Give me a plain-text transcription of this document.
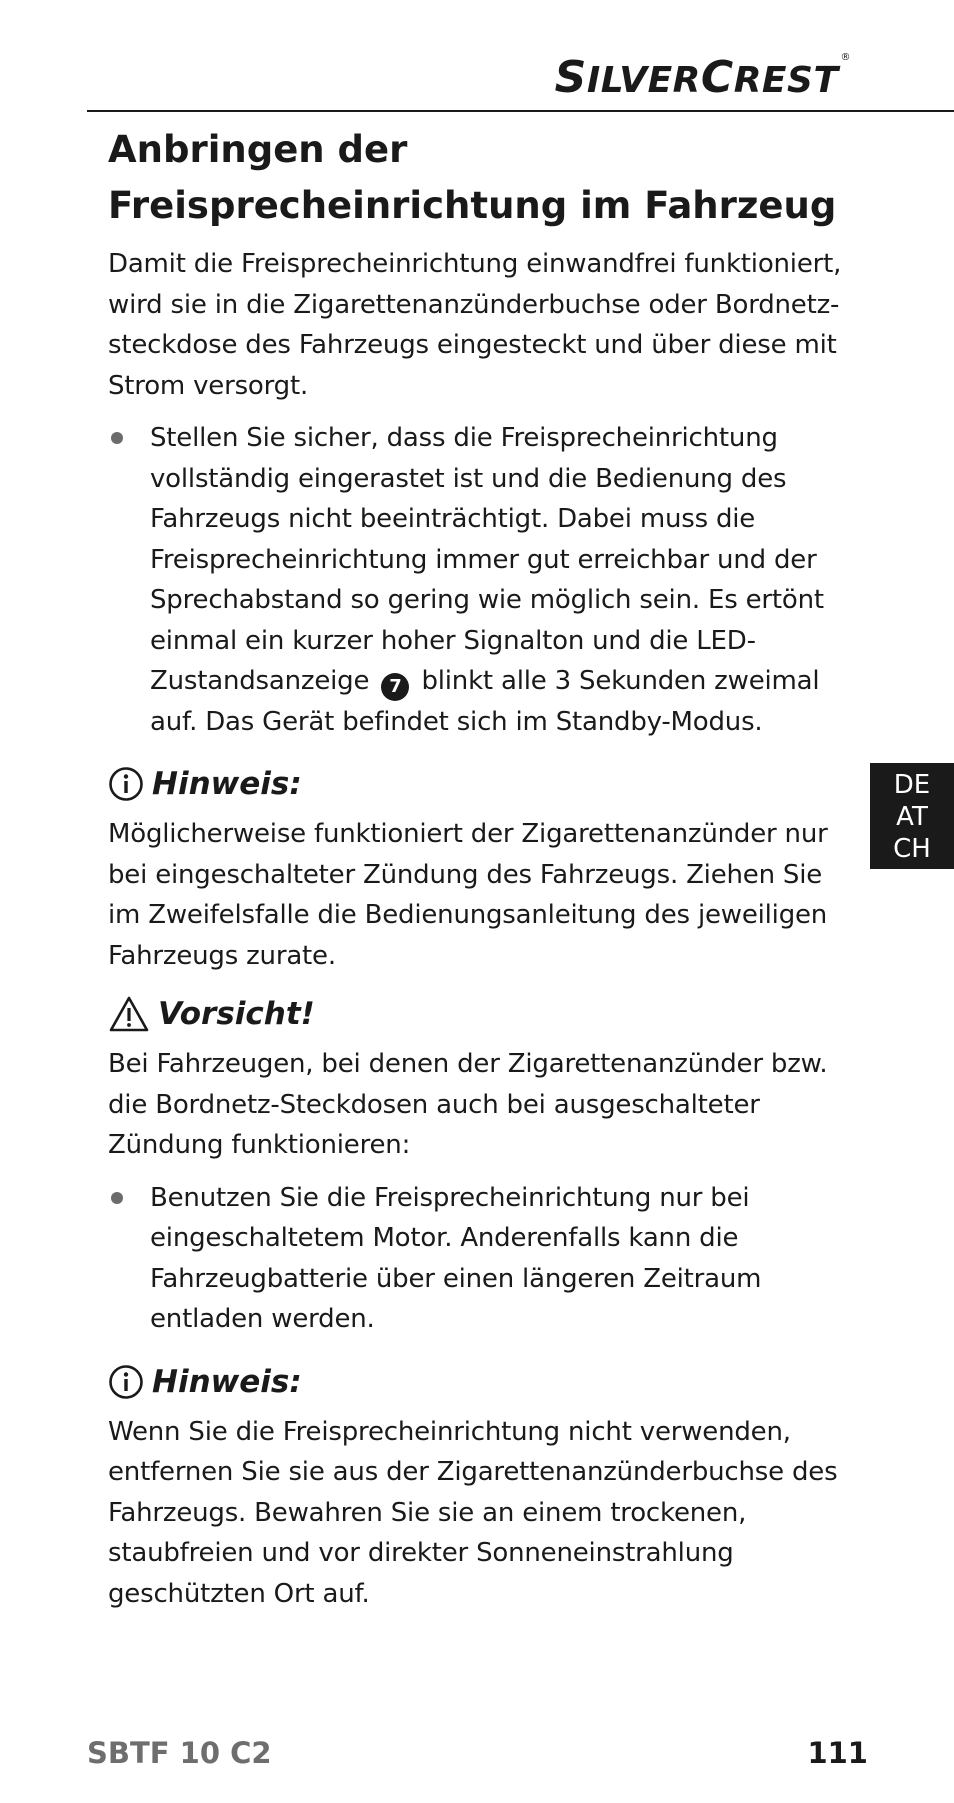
SILVERCREST®
Anbringen der
Freisprecheinrichtung im Fahrzeug

Damit die Freisprecheinrichtung einwandfrei funktioniert, wird sie in die Zigarettenanzünderbuchse oder Bordnetz-steckdose des Fahrzeugs eingesteckt und über diese mit Strom versorgt.

Stellen Sie sicher, dass die Freisprecheinrichtung vollständig eingerastet ist und die Bedienung des Fahrzeugs nicht beeinträchtigt. Dabei muss die Freisprecheinrichtung immer gut erreichbar und der Sprechabstand so gering wie möglich sein. Es ertönt einmal ein kurzer hoher Signalton und die LED-Zustandsanzeige 7 blinkt alle 3 Sekunden zweimal auf. Das Gerät befindet sich im Standby-Modus.
Hinweis:

Möglicherweise funktioniert der Zigarettenanzünder nur bei eingeschalteter Zündung des Fahrzeugs. Ziehen Sie im Zweifelsfalle die Bedienungsanleitung des jeweiligen Fahrzeugs zurate.

Vorsicht!

Bei Fahrzeugen, bei denen der Zigarettenanzünder bzw. die Bordnetz-Steckdosen auch bei ausgeschalteter Zündung funktionieren:

Benutzen Sie die Freisprecheinrichtung nur bei eingeschaltetem Motor. Anderenfalls kann die Fahrzeugbatterie über einen längeren Zeitraum entladen werden.
Hinweis:

Wenn Sie die Freisprecheinrichtung nicht verwenden, entfernen Sie sie aus der Zigarettenanzünderbuchse des Fahrzeugs. Bewahren Sie sie an einem trockenen, staubfreien und vor direkter Sonneneinstrahlung geschützten Ort auf.

DE
AT
CH
SBTF 10 C2	111
